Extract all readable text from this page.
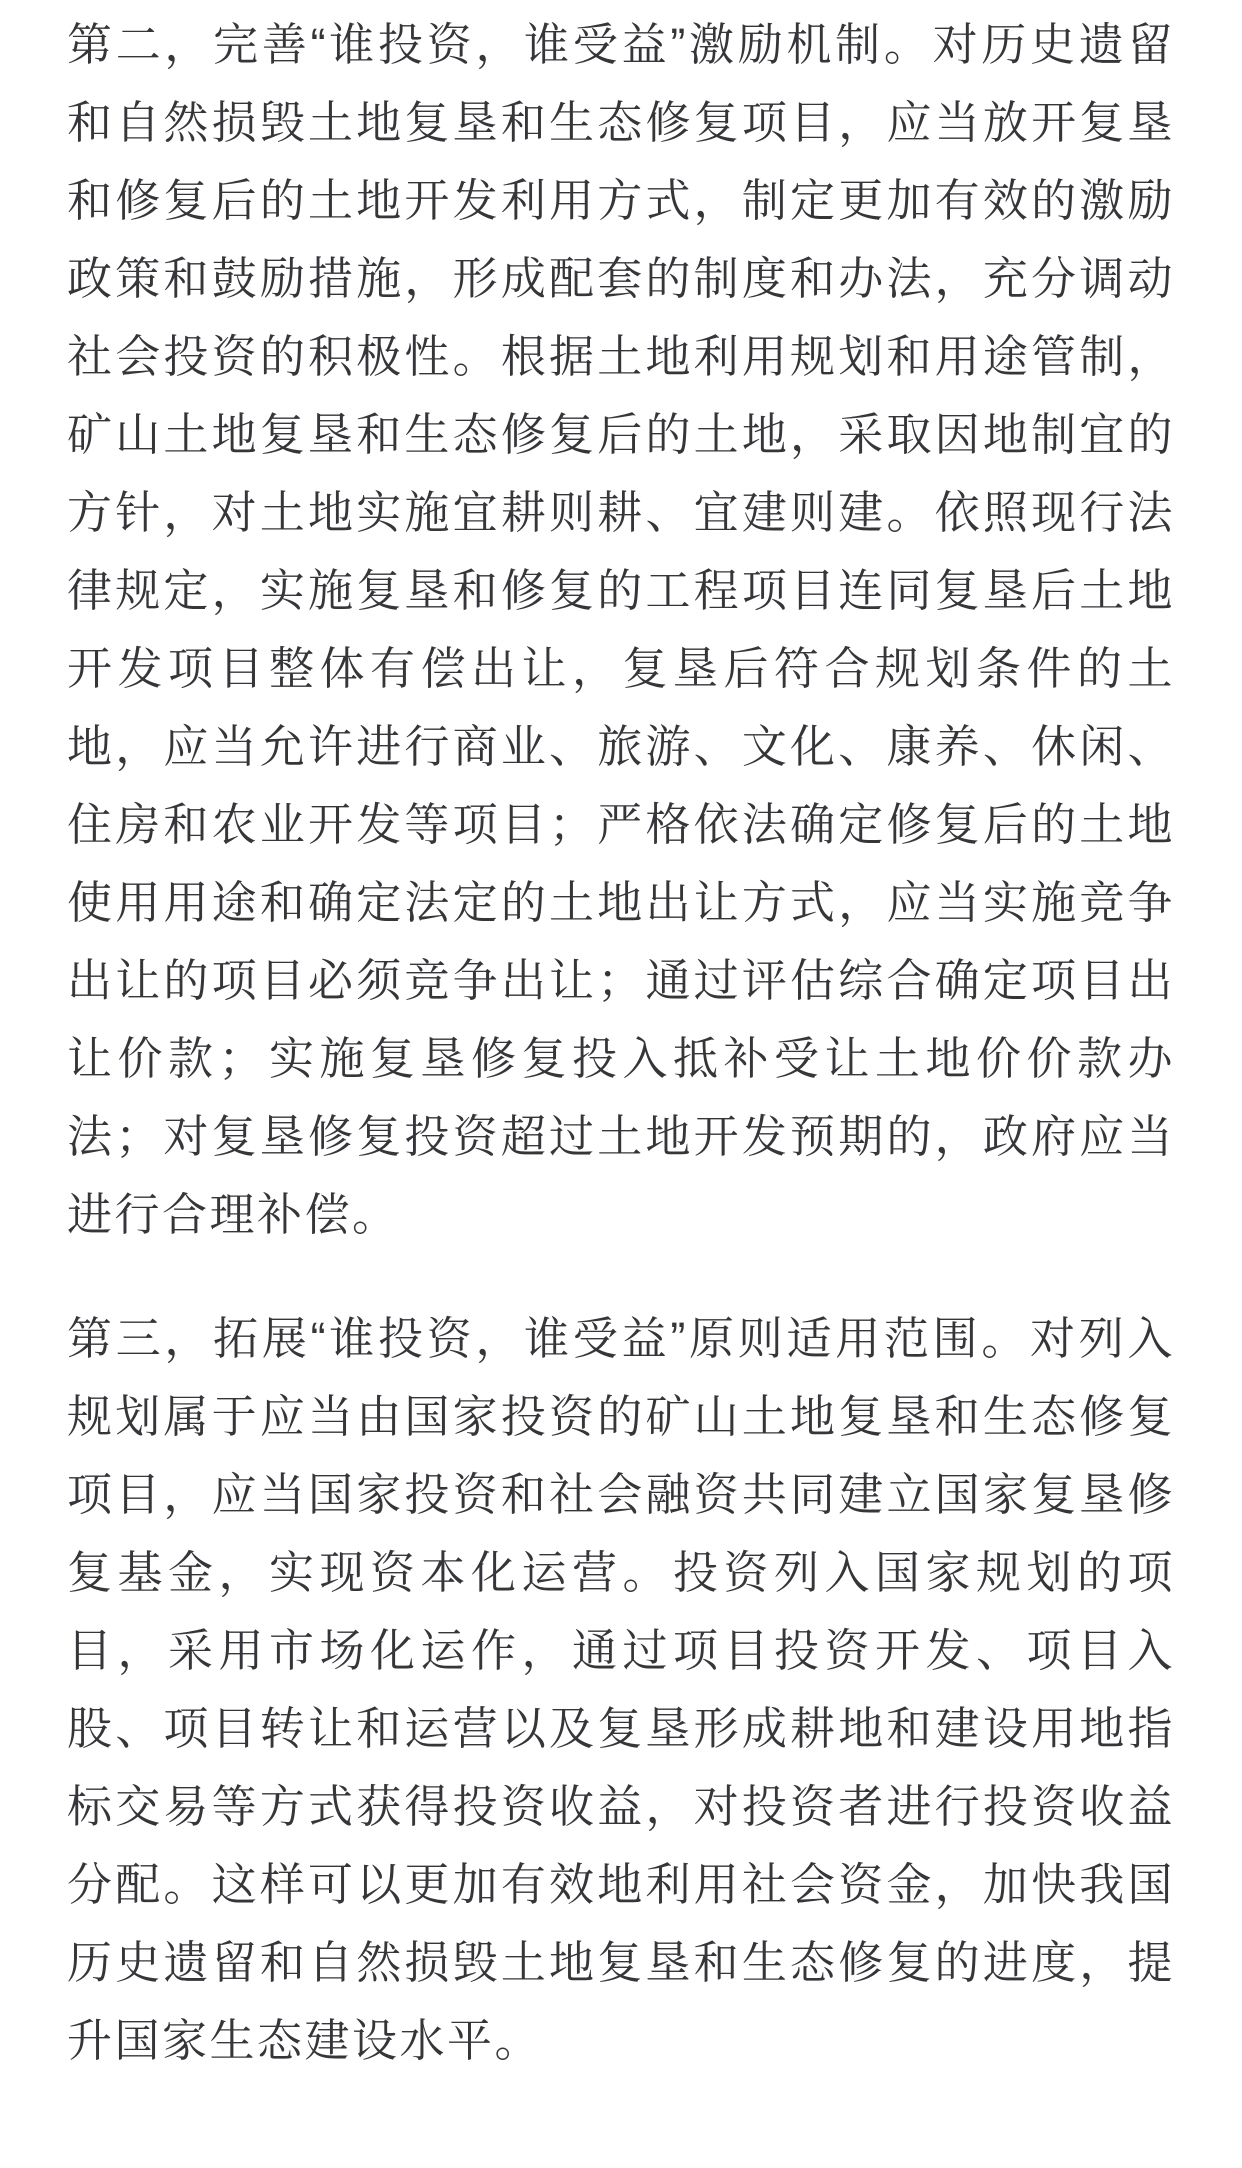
第二，完善“谁投资，谁受益”激励机制。对历史遗留和自然损毁土地复垦和生态修复项目，应当放开复垦和修复后的土地开发利用方式，制定更加有效的激励政策和鼓励措施，形成配套的制度和办法，充分调动社会投资的积极性。根据土地利用规划和用途管制，矿山土地复垦和生态修复后的土地，采取因地制宜的方针，对土地实施宜耕则耕、宜建则建。依照现行法律规定，实施复垦和修复的工程项目连同复垦后土地开发项目整体有偿出让，复垦后符合规划条件的土地，应当允许进行商业、旅游、文化、康养、休闲、住房和农业开发等项目；严格依法确定修复后的土地使用用途和确定法定的土地出让方式，应当实施竞争出让的项目必须竞争出让；通过评估综合确定项目出让价款；实施复垦修复投入抵补受让土地价价款办法；对复垦修复投资超过土地开发预期的，政府应当进行合理补偿。

第三，拓展“谁投资，谁受益”原则适用范围。对列入规划属于应当由国家投资的矿山土地复垦和生态修复项目，应当国家投资和社会融资共同建立国家复垦修复基金，实现资本化运营。投资列入国家规划的项目，采用市场化运作，通过项目投资开发、项目入股、项目转让和运营以及复垦形成耕地和建设用地指标交易等方式获得投资收益，对投资者进行投资收益分配。这样可以更加有效地利用社会资金，加快我国历史遗留和自然损毁土地复垦和生态修复的进度，提升国家生态建设水平。
